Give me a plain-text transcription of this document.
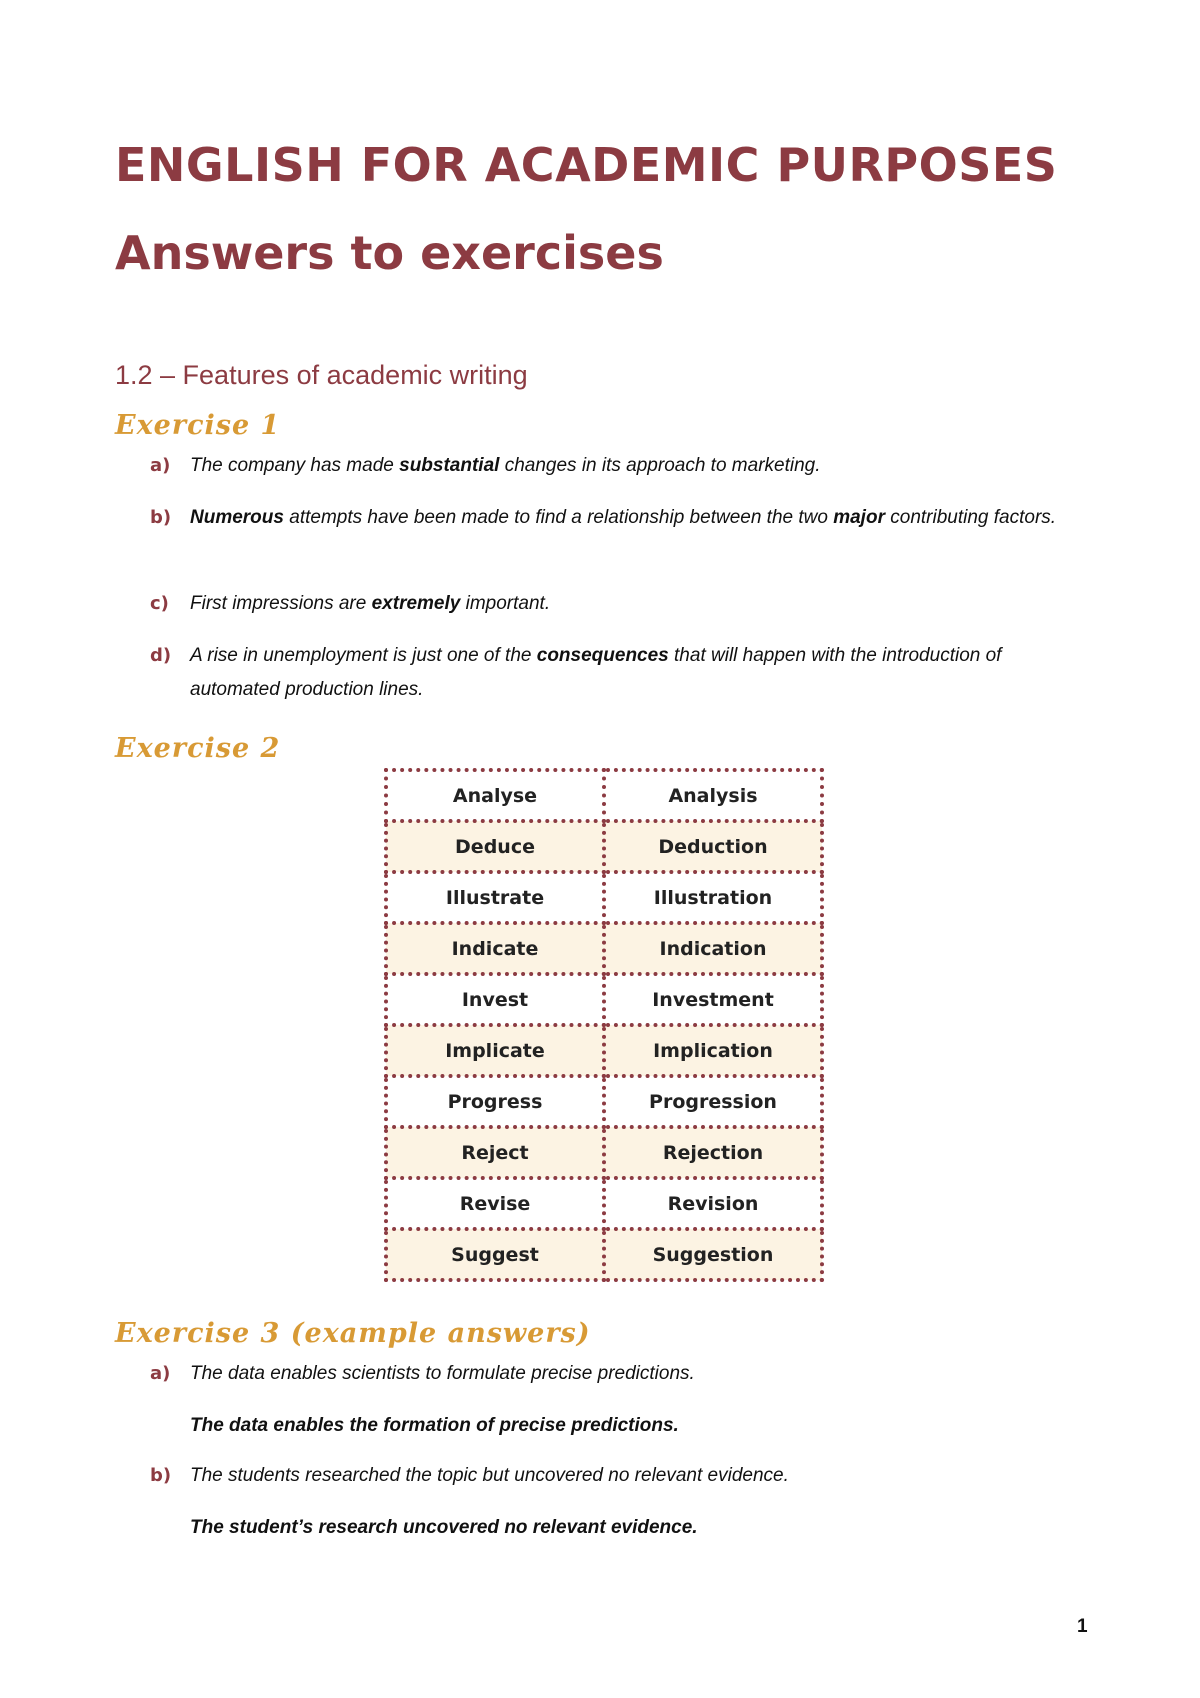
ENGLISH FOR ACADEMIC PURPOSES
Answers to exercises
1.2 – Features of academic writing
Exercise 1
a) The company has made substantial changes in its approach to marketing.
b) Numerous attempts have been made to find a relationship between the two major contributing factors.
c) First impressions are extremely important.
d) A rise in unemployment is just one of the consequences that will happen with the introduction of automated production lines.
Exercise 2
Analyse	Analysis
Deduce	Deduction
Illustrate	Illustration
Indicate	Indication
Invest	Investment
Implicate	Implication
Progress	Progression
Reject	Rejection
Revise	Revision
Suggest	Suggestion
Exercise 3 (example answers)
a) The data enables scientists to formulate precise predictions.
The data enables the formation of precise predictions.
b) The students researched the topic but uncovered no relevant evidence.
The student’s research uncovered no relevant evidence.
1
